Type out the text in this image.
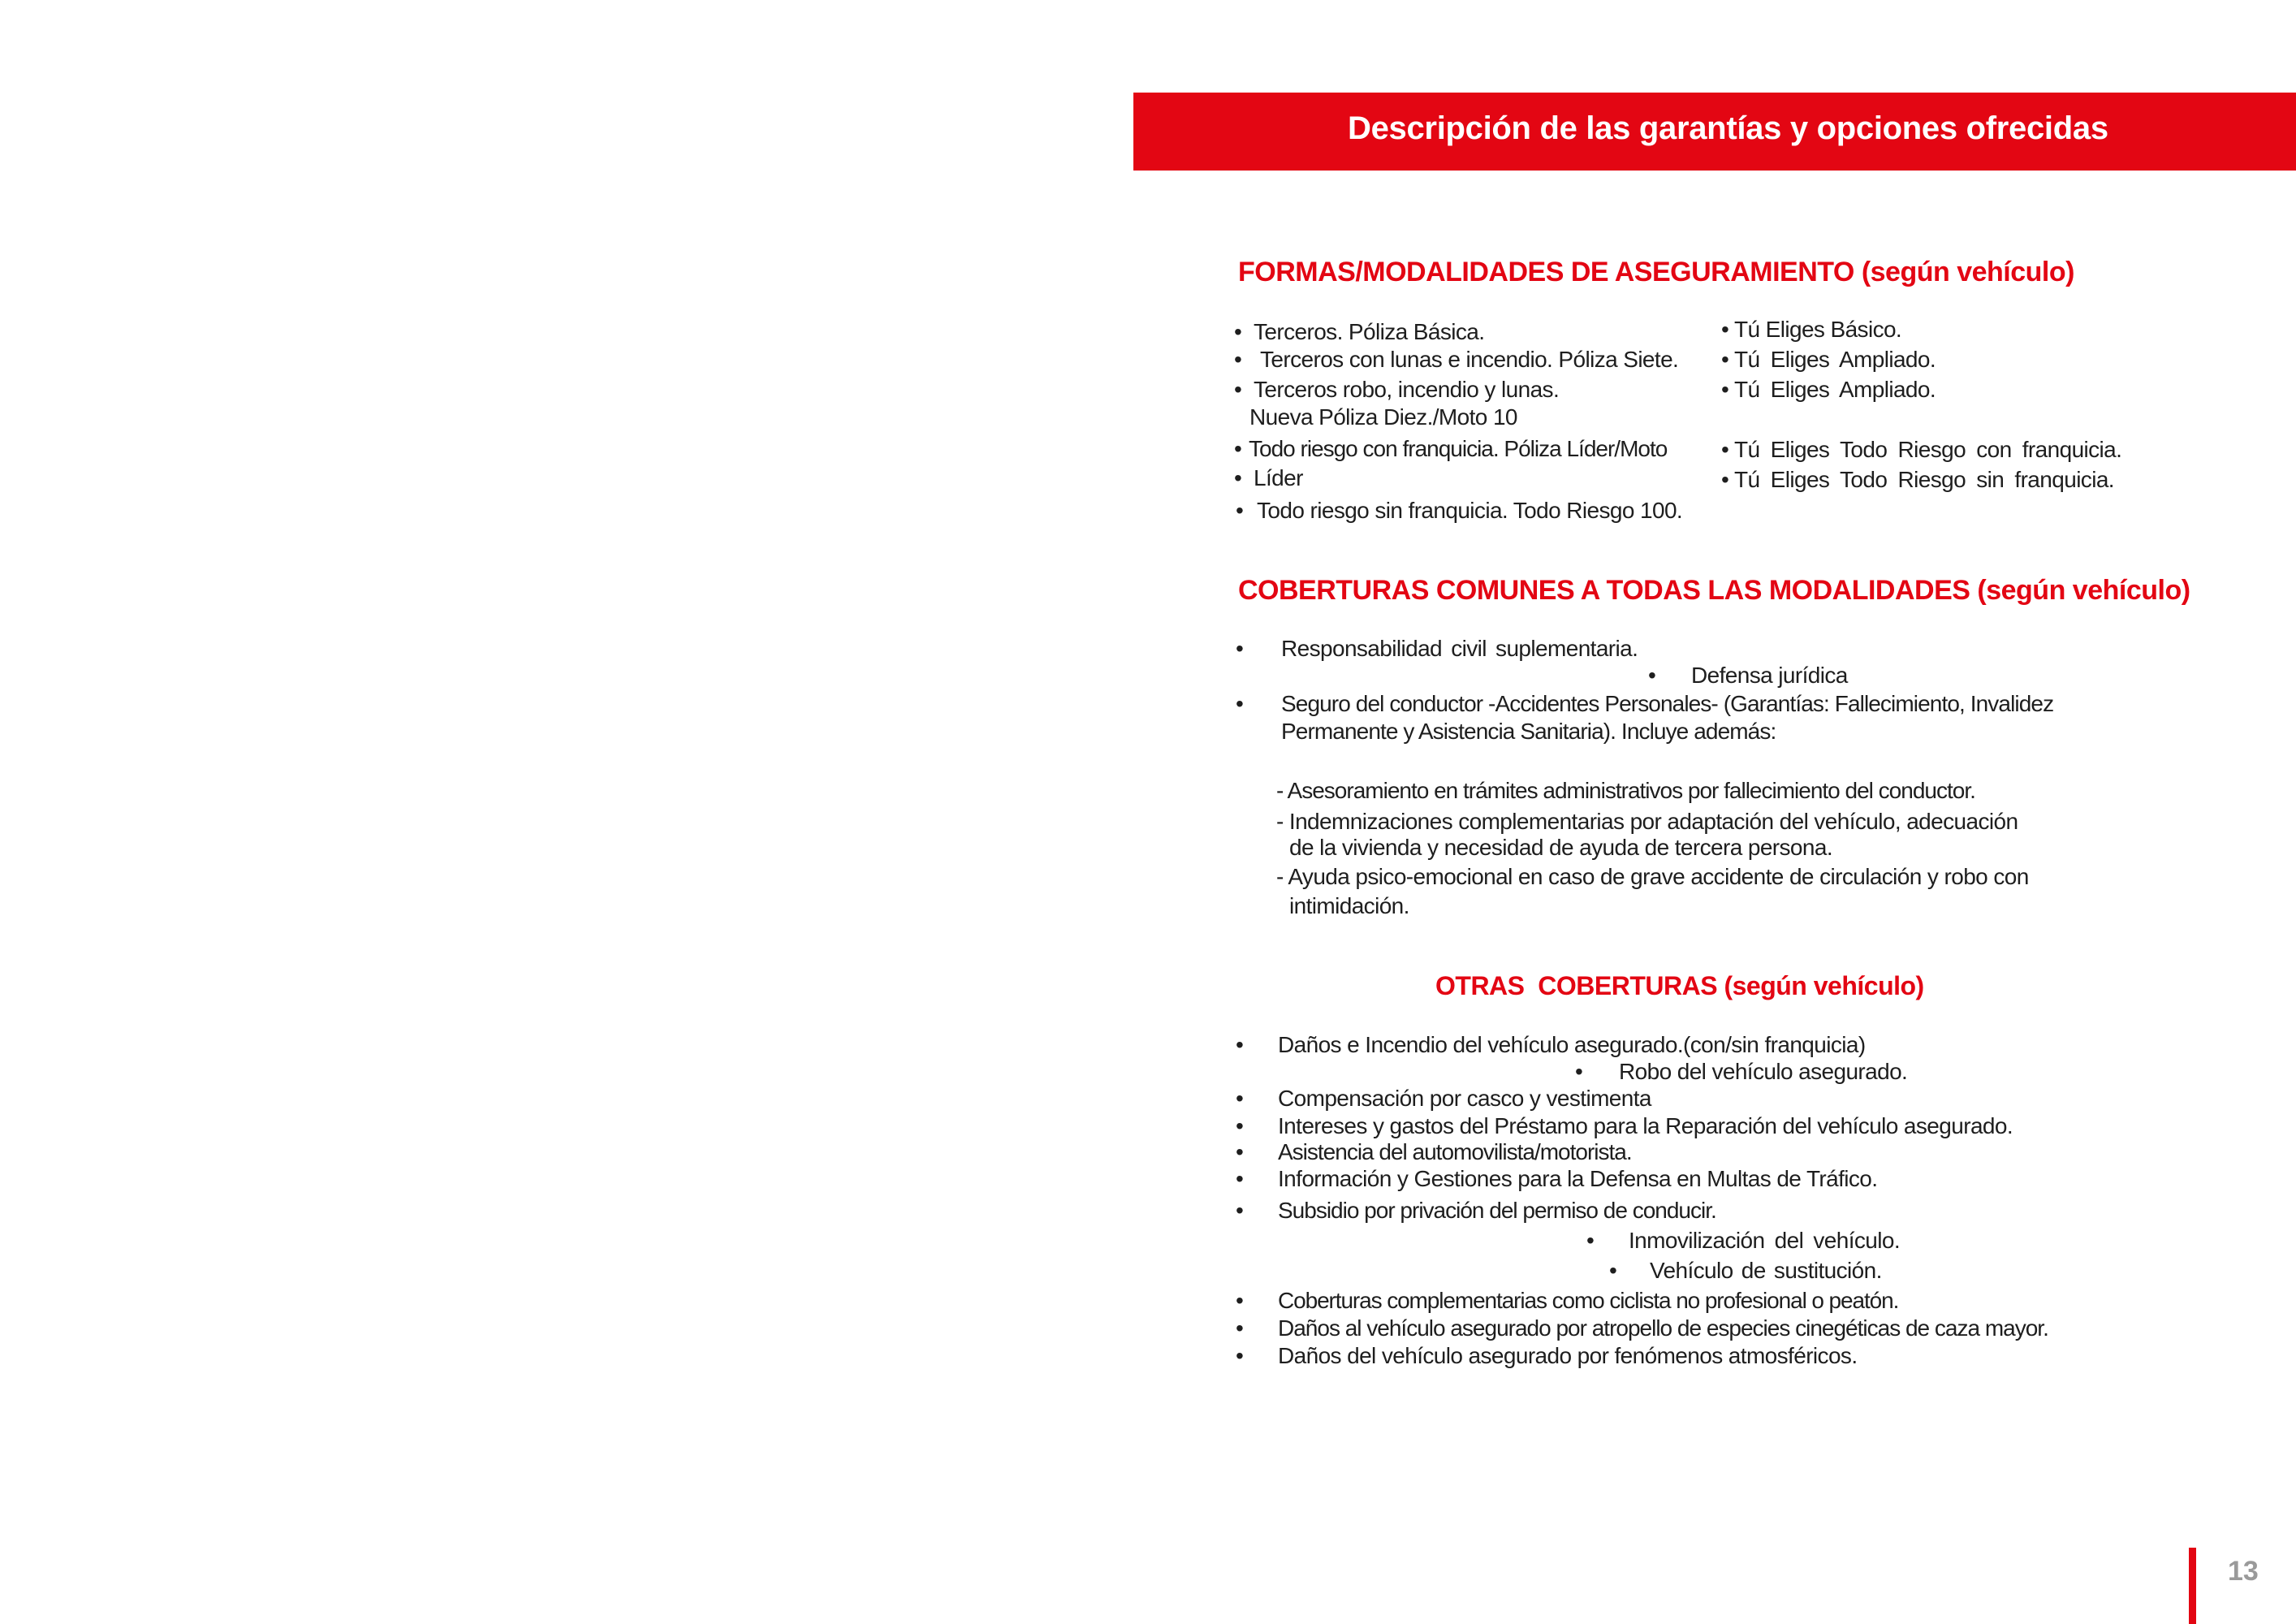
Descripción de las garantías y opciones ofrecidas
FORMAS/MODALIDADES DE ASEGURAMIENTO (según vehículo)
• Terceros. Póliza Básica.
• Terceros con lunas e incendio. Póliza Siete.
• Terceros robo, incendio y lunas.
Nueva Póliza Diez./Moto 10
• Todo riesgo con franquicia. Póliza Líder/Moto
• Líder
• Todo riesgo sin franquicia. Todo Riesgo 100.
• Tú Eliges Básico.
• Tú Eliges Ampliado.
• Tú Eliges Ampliado.
• Tú Eliges Todo Riesgo con franquicia.
• Tú Eliges Todo Riesgo sin franquicia.
COBERTURAS COMUNES A TODAS LAS MODALIDADES (según vehículo)
• Responsabilidad civil suplementaria.
• Defensa jurídica
• Seguro del conductor -Accidentes Personales- (Garantías: Fallecimiento, Invalidez
Permanente y Asistencia Sanitaria). Incluye además:
- Asesoramiento en trámites administrativos por fallecimiento del conductor.
- Indemnizaciones complementarias por adaptación del vehículo, adecuación
de la vivienda y necesidad de ayuda de tercera persona.
- Ayuda psico-emocional en caso de grave accidente de circulación y robo con
intimidación.
OTRAS  COBERTURAS (según vehículo)
• Daños e Incendio del vehículo asegurado.(con/sin franquicia)
• Robo del vehículo asegurado.
• Compensación por casco y vestimenta
• Intereses y gastos del Préstamo para la Reparación del vehículo asegurado.
• Asistencia del automovilista/motorista.
• Información y Gestiones para la Defensa en Multas de Tráfico.
• Subsidio por privación del permiso de conducir.
• Inmovilización del vehículo.
• Vehículo de sustitución.
• Coberturas complementarias como ciclista no profesional o peatón.
• Daños al vehículo asegurado por atropello de especies cinegéticas de caza mayor.
• Daños del vehículo asegurado por fenómenos atmosféricos.
13
